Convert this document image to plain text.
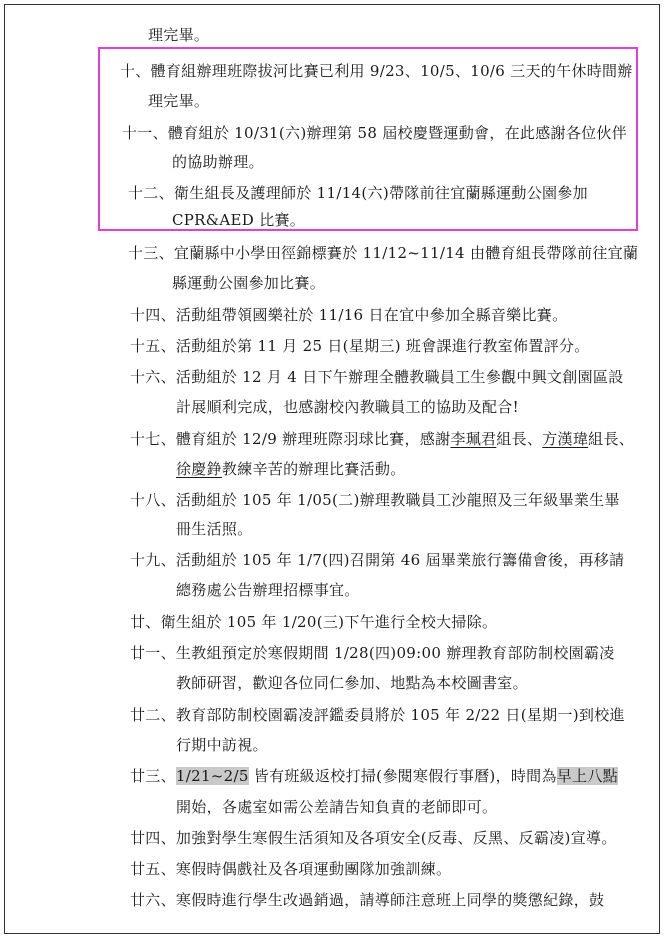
理完畢。
十、體育組辦理班際拔河比賽已利用 9/23、10/5、10/6 三天的午休時間辦
理完畢。
十一、體育組於 10/31(六)辦理第 58 屆校慶暨運動會，在此感謝各位伙伴
的協助辦理。
十二、衛生組長及護理師於 11/14(六)帶隊前往宜蘭縣運動公園參加
CPR&AED 比賽。
十三、宜蘭縣中小學田徑錦標賽於 11/12~11/14 由體育組長帶隊前往宜蘭
縣運動公園參加比賽。
十四、活動組帶領國樂社於 11/16 日在宜中參加全縣音樂比賽。
十五、活動組於第 11 月 25 日(星期三) 班會課進行教室佈置評分。
十六、活動組於 12 月 4 日下午辦理全體教職員工生參觀中興文創園區設
計展順利完成，也感謝校內教職員工的協助及配合!
十七、體育組於 12/9 辦理班際羽球比賽，感謝李珮君組長、方漢瑋組長、
徐慶錚教練辛苦的辦理比賽活動。
十八、活動組於 105 年 1/05(二)辦理教職員工沙龍照及三年級畢業生畢
冊生活照。
十九、活動組於 105 年 1/7(四)召開第 46 屆畢業旅行籌備會後，再移請
總務處公告辦理招標事宜。
廿、衛生組於 105 年 1/20(三)下午進行全校大掃除。
廿一、生教組預定於寒假期間 1/28(四)09:00 辦理教育部防制校園霸凌
教師研習，歡迎各位同仁參加、地點為本校圖書室。
廿二、教育部防制校園霸凌評鑑委員將於 105 年 2/22 日(星期一)到校進
行期中訪視。
廿三、1/21~2/5 皆有班級返校打掃(參閱寒假行事曆)，時間為早上八點
開始，各處室如需公差請告知負責的老師即可。
廿四、加強對學生寒假生活須知及各項安全(反毒、反黑、反霸凌)宣導。
廿五、寒假時偶戲社及各項運動團隊加強訓練。
廿六、寒假時進行學生改過銷過，請導師注意班上同學的獎懲紀錄，鼓
